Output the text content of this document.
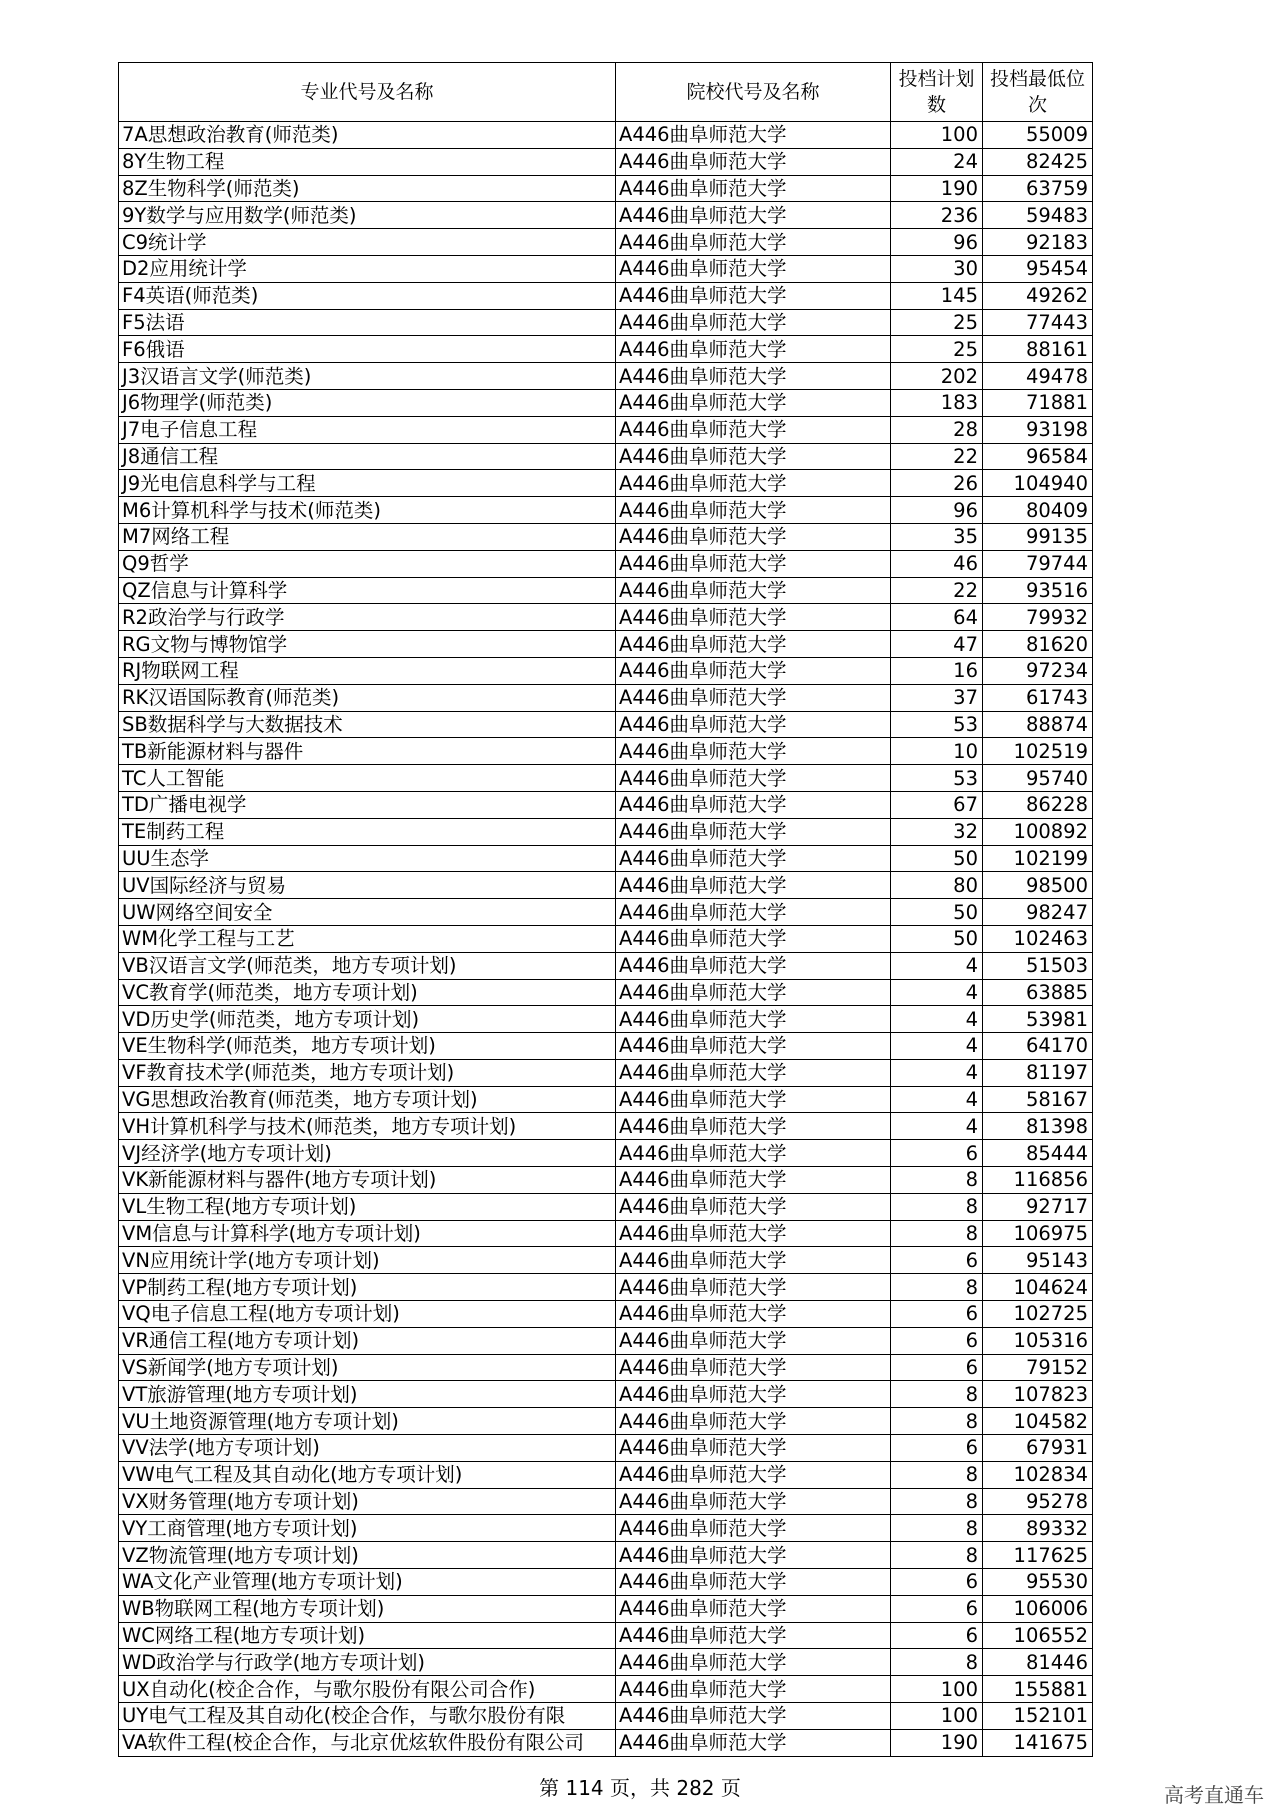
专业代号及名称	院校代号及名称	投档计划数	投档最低位次
7A思想政治教育(师范类)	A446曲阜师范大学	100	55009
8Y生物工程	A446曲阜师范大学	24	82425
8Z生物科学(师范类)	A446曲阜师范大学	190	63759
9Y数学与应用数学(师范类)	A446曲阜师范大学	236	59483
C9统计学	A446曲阜师范大学	96	92183
D2应用统计学	A446曲阜师范大学	30	95454
F4英语(师范类)	A446曲阜师范大学	145	49262
F5法语	A446曲阜师范大学	25	77443
F6俄语	A446曲阜师范大学	25	88161
J3汉语言文学(师范类)	A446曲阜师范大学	202	49478
J6物理学(师范类)	A446曲阜师范大学	183	71881
J7电子信息工程	A446曲阜师范大学	28	93198
J8通信工程	A446曲阜师范大学	22	96584
J9光电信息科学与工程	A446曲阜师范大学	26	104940
M6计算机科学与技术(师范类)	A446曲阜师范大学	96	80409
M7网络工程	A446曲阜师范大学	35	99135
Q9哲学	A446曲阜师范大学	46	79744
QZ信息与计算科学	A446曲阜师范大学	22	93516
R2政治学与行政学	A446曲阜师范大学	64	79932
RG文物与博物馆学	A446曲阜师范大学	47	81620
RJ物联网工程	A446曲阜师范大学	16	97234
RK汉语国际教育(师范类)	A446曲阜师范大学	37	61743
SB数据科学与大数据技术	A446曲阜师范大学	53	88874
TB新能源材料与器件	A446曲阜师范大学	10	102519
TC人工智能	A446曲阜师范大学	53	95740
TD广播电视学	A446曲阜师范大学	67	86228
TE制药工程	A446曲阜师范大学	32	100892
UU生态学	A446曲阜师范大学	50	102199
UV国际经济与贸易	A446曲阜师范大学	80	98500
UW网络空间安全	A446曲阜师范大学	50	98247
WM化学工程与工艺	A446曲阜师范大学	50	102463
VB汉语言文学(师范类，地方专项计划)	A446曲阜师范大学	4	51503
VC教育学(师范类，地方专项计划)	A446曲阜师范大学	4	63885
VD历史学(师范类，地方专项计划)	A446曲阜师范大学	4	53981
VE生物科学(师范类，地方专项计划)	A446曲阜师范大学	4	64170
VF教育技术学(师范类，地方专项计划)	A446曲阜师范大学	4	81197
VG思想政治教育(师范类，地方专项计划)	A446曲阜师范大学	4	58167
VH计算机科学与技术(师范类，地方专项计划)	A446曲阜师范大学	4	81398
VJ经济学(地方专项计划)	A446曲阜师范大学	6	85444
VK新能源材料与器件(地方专项计划)	A446曲阜师范大学	8	116856
VL生物工程(地方专项计划)	A446曲阜师范大学	8	92717
VM信息与计算科学(地方专项计划)	A446曲阜师范大学	8	106975
VN应用统计学(地方专项计划)	A446曲阜师范大学	6	95143
VP制药工程(地方专项计划)	A446曲阜师范大学	8	104624
VQ电子信息工程(地方专项计划)	A446曲阜师范大学	6	102725
VR通信工程(地方专项计划)	A446曲阜师范大学	6	105316
VS新闻学(地方专项计划)	A446曲阜师范大学	6	79152
VT旅游管理(地方专项计划)	A446曲阜师范大学	8	107823
VU土地资源管理(地方专项计划)	A446曲阜师范大学	8	104582
VV法学(地方专项计划)	A446曲阜师范大学	6	67931
VW电气工程及其自动化(地方专项计划)	A446曲阜师范大学	8	102834
VX财务管理(地方专项计划)	A446曲阜师范大学	8	95278
VY工商管理(地方专项计划)	A446曲阜师范大学	8	89332
VZ物流管理(地方专项计划)	A446曲阜师范大学	8	117625
WA文化产业管理(地方专项计划)	A446曲阜师范大学	6	95530
WB物联网工程(地方专项计划)	A446曲阜师范大学	6	106006
WC网络工程(地方专项计划)	A446曲阜师范大学	6	106552
WD政治学与行政学(地方专项计划)	A446曲阜师范大学	8	81446
UX自动化(校企合作，与歌尔股份有限公司合作)	A446曲阜师范大学	100	155881
UY电气工程及其自动化(校企合作，与歌尔股份有限	A446曲阜师范大学	100	152101
VA软件工程(校企合作，与北京优炫软件股份有限公司	A446曲阜师范大学	190	141675
第 114 页，共 282 页	高考直通车
